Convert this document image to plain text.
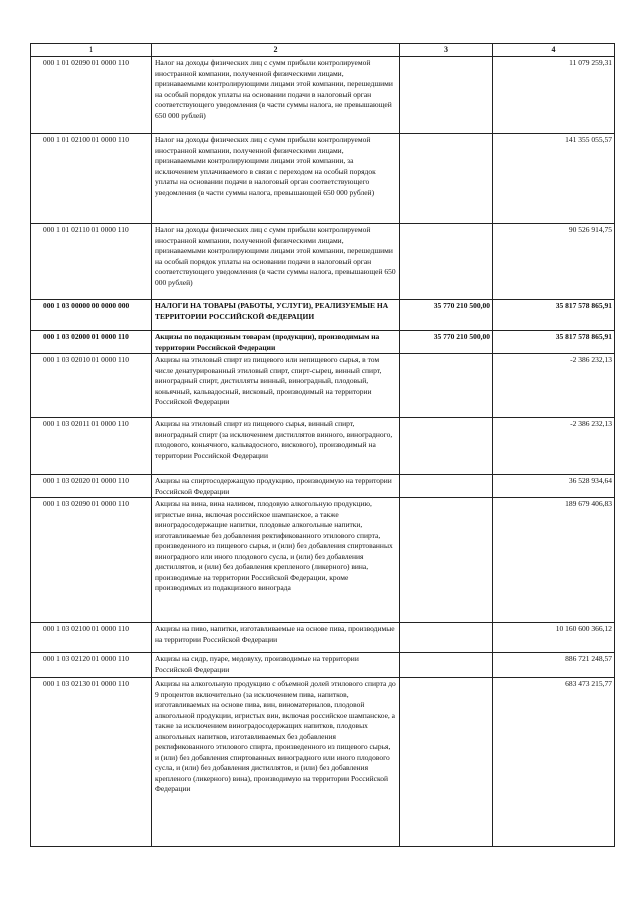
1	2	3	4
000 1 01 02090 01 0000 110	Налог на доходы физических лиц с сумм прибыли контролируемой иностранной компании, полученной физическими лицами, признаваемыми контролирующими лицами этой компании, перешедшими на особый порядок уплаты на основании подачи в налоговый орган соответствующего уведомления (в части суммы налога, не превышающей 650 000 рублей)		11 079 259,31
000 1 01 02100 01 0000 110	Налог на доходы физических лиц с сумм прибыли контролируемой иностранной компании, полученной физическими лицами, признаваемыми контролирующими лицами этой компании, за исключением уплачиваемого в связи с переходом на особый порядок уплаты на основании подачи в налоговый орган соответствующего уведомления (в части суммы налога, превышающей 650 000 рублей)		141 355 055,57
000 1 01 02110 01 0000 110	Налог на доходы физических лиц с сумм прибыли контролируемой иностранной компании, полученной физическими лицами, признаваемыми контролирующими лицами этой компании, перешедшими на особый порядок уплаты на основании подачи в налоговый орган соответствующего уведомления (в части суммы налога, превышающей 650 000 рублей)		90 526 914,75
000 1 03 00000 00 0000 000	НАЛОГИ НА ТОВАРЫ (РАБОТЫ, УСЛУГИ), РЕАЛИЗУЕМЫЕ НА ТЕРРИТОРИИ РОССИЙСКОЙ ФЕДЕРАЦИИ	35 770 210 500,00	35 817 578 865,91
000 1 03 02000 01 0000 110	Акцизы по подакцизным товарам (продукции), производимым на территории Российской Федерации	35 770 210 500,00	35 817 578 865,91
000 1 03 02010 01 0000 110	Акцизы на этиловый спирт из пищевого или непищевого сырья, в том числе денатурированный этиловый спирт, спирт-сырец, винный спирт, виноградный спирт, дистилляты винный, виноградный, плодовый, коньячный, кальвадосный, висковый, производимый на территории Российской Федерации		-2 386 232,13
000 1 03 02011 01 0000 110	Акцизы на этиловый спирт из пищевого сырья, винный спирт, виноградный спирт (за исключением дистиллятов винного, виноградного, плодового, коньячного, кальвадосного, вискового), производимый на территории Российской Федерации		-2 386 232,13
000 1 03 02020 01 0000 110	Акцизы на спиртосодержащую продукцию, производимую на территории Российской Федерации		36 528 934,64
000 1 03 02090 01 0000 110	Акцизы на вина, вина наливом, плодовую алкогольную продукцию, игристые вина, включая российское шампанское, а также виноградосодержащие напитки, плодовые алкогольные напитки, изготавливаемые без добавления ректификованного этилового спирта, произведенного из пищевого сырья, и (или) без добавления спиртованных виноградного или иного плодового сусла, и (или) без добавления дистиллятов, и (или) без добавления крепленого (ликерного) вина, производимые на территории Российской Федерации, кроме производимых из подакцизного винограда		189 679 406,83
000 1 03 02100 01 0000 110	Акцизы на пиво, напитки, изготавливаемые на основе пива, производимые на территории Российской Федерации		10 160 600 366,12
000 1 03 02120 01 0000 110	Акцизы на сидр, пуаре, медовуху, производимые на территории Российской Федерации		886 721 248,57
000 1 03 02130 01 0000 110	Акцизы на алкогольную продукцию с объемной долей этилового спирта до 9 процентов включительно (за исключением пива, напитков, изготавливаемых на основе пива, вин, виноматериалов, плодовой алкогольной продукции, игристых вин, включая российское шампанское, а также за исключением виноградосодержащих напитков, плодовых алкогольных напитков, изготавливаемых без добавления ректификованного этилового спирта, произведенного из пищевого сырья, и (или) без добавления спиртованных виноградного или иного плодового сусла, и (или) без добавления дистиллятов, и (или) без добавления крепленого (ликерного) вина), производимую на территории Российской Федерации		683 473 215,77
